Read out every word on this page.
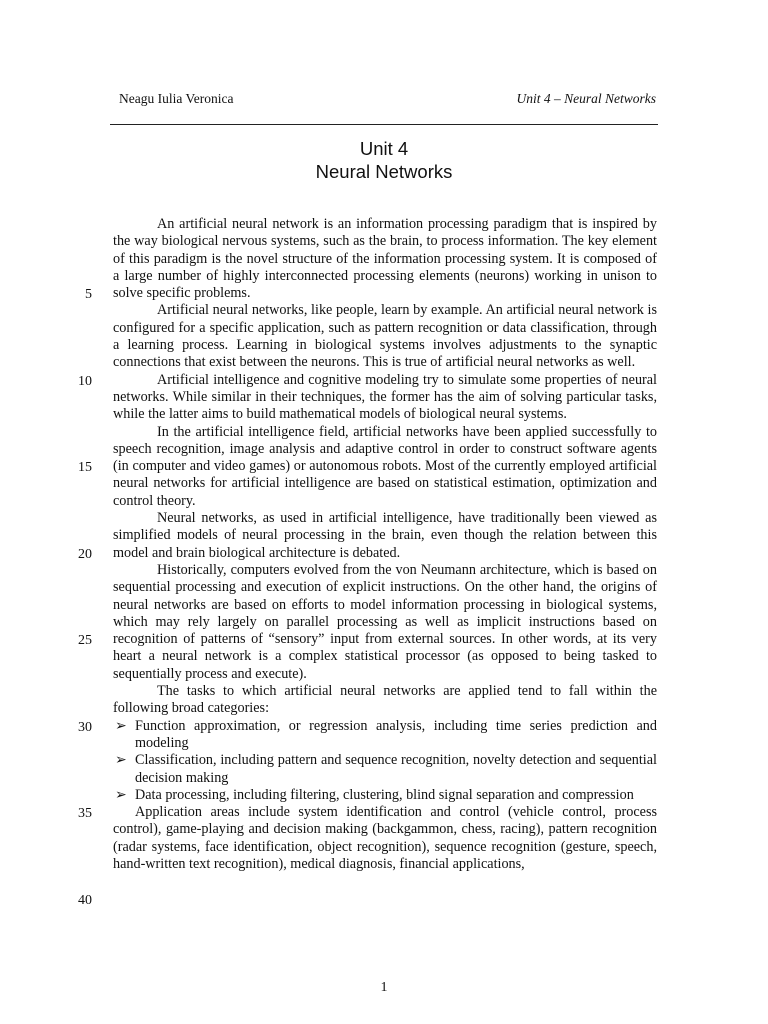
Neagu Iulia Veronica	Unit 4 – Neural Networks
Unit 4
Neural Networks
5
10
15
20
25
30
35
40

An artificial neural network is an information processing paradigm that is inspired by the way biological nervous systems, such as the brain, to process information. The key element of this paradigm is the novel structure of the information processing system. It is composed of a large number of highly interconnected processing elements (neurons) working in unison to solve specific problems.

Artificial neural networks, like people, learn by example. An artificial neural network is configured for a specific application, such as pattern recognition or data classification, through a learning process. Learning in biological systems involves adjustments to the synaptic connections that exist between the neurons. This is true of artificial neural networks as well.

Artificial intelligence and cognitive modeling try to simulate some properties of neural networks. While similar in their techniques, the former has the aim of solving particular tasks, while the latter aims to build mathematical models of biological neural systems.

In the artificial intelligence field, artificial networks have been applied successfully to speech recognition, image analysis and adaptive control in order to construct software agents (in computer and video games) or autonomous robots. Most of the currently employed artificial neural networks for artificial intelligence are based on statistical estimation, optimization and control theory.

Neural networks, as used in artificial intelligence, have traditionally been viewed as simplified models of neural processing in the brain, even though the relation between this model and brain biological architecture is debated.

Historically, computers evolved from the von Neumann architecture, which is based on sequential processing and execution of explicit instructions. On the other hand, the origins of neural networks are based on efforts to model information processing in biological systems, which may rely largely on parallel processing as well as implicit instructions based on recognition of patterns of “sensory” input from external sources. In other words, at its very heart a neural network is a complex statistical processor (as opposed to being tasked to sequentially process and execute).

The tasks to which artificial neural networks are applied tend to fall within the following broad categories:

➢ Function approximation, or regression analysis, including time series prediction and modeling
➢ Classification, including pattern and sequence recognition, novelty detection and sequential decision making
➢ Data processing, including filtering, clustering, blind signal separation and compression

Application areas include system identification and control (vehicle control, process control), game-playing and decision making (backgammon, chess, racing), pattern recognition (radar systems, face identification, object recognition), sequence recognition (gesture, speech, hand-written text recognition), medical diagnosis, financial applications,

1
